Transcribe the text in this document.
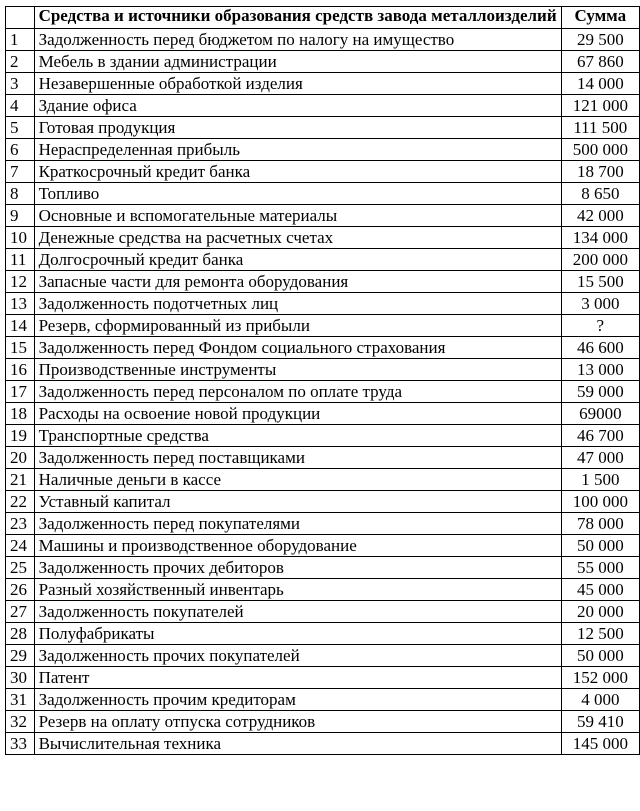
	Средства и источники образования средств завода металлоизделий	Сумма
1	Задолженность перед бюджетом по налогу на имущество	29 500
2	Мебель в здании администрации	67 860
3	Незавершенные обработкой изделия	14 000
4	Здание офиса	121 000
5	Готовая продукция	111 500
6	Нераспределенная прибыль	500 000
7	Краткосрочный кредит банка	18 700
8	Топливо	8 650
9	Основные и вспомогательные материалы	42 000
10	Денежные средства на расчетных счетах	134 000
11	Долгосрочный кредит банка	200 000
12	Запасные части для ремонта оборудования	15 500
13	Задолженность подотчетных лиц	3 000
14	Резерв, сформированный из прибыли	?
15	Задолженность перед Фондом социального страхования	46 600
16	Производственные инструменты	13 000
17	Задолженность перед персоналом по оплате труда	59 000
18	Расходы на освоение новой продукции	69000
19	Транспортные средства	46 700
20	Задолженность перед поставщиками	47 000
21	Наличные деньги в кассе	1 500
22	Уставный капитал	100 000
23	Задолженность перед покупателями	78 000
24	Машины и производственное оборудование	50 000
25	Задолженность прочих дебиторов	55 000
26	Разный хозяйственный инвентарь	45 000
27	Задолженность покупателей	20 000
28	Полуфабрикаты	12 500
29	Задолженность прочих покупателей	50 000
30	Патент	152 000
31	Задолженность прочим кредиторам	4 000
32	Резерв на оплату отпуска сотрудников	59 410
33	Вычислительная техника	145 000
